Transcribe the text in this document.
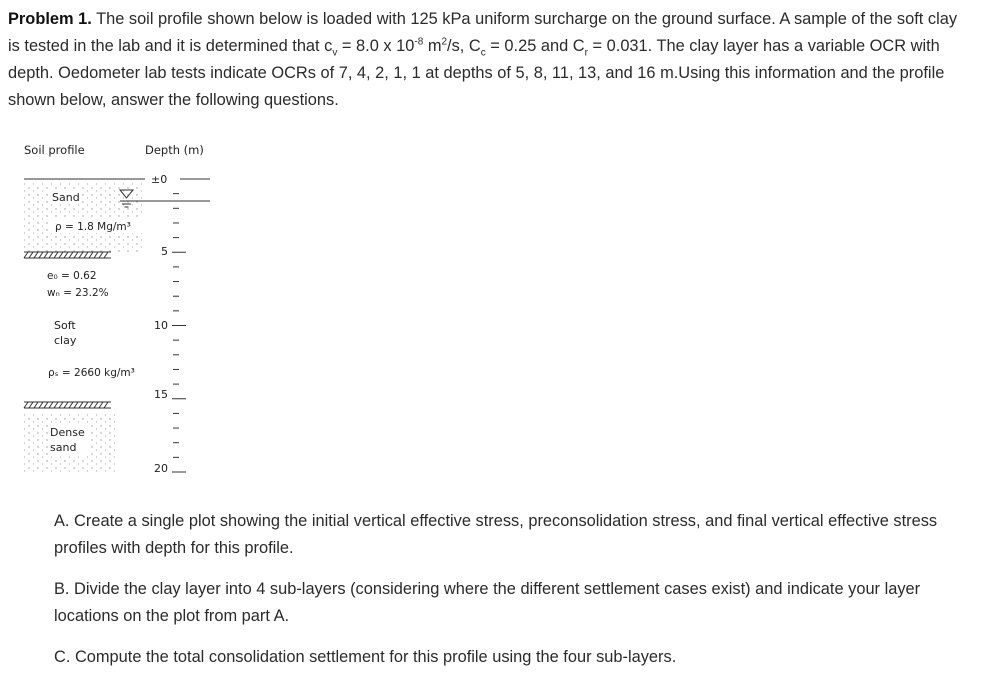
Problem 1. The soil profile shown below is loaded with 125 kPa uniform surcharge on the ground surface. A sample of the soft clay is tested in the lab and it is determined that $c_v = 8.0$ x $10^{-8}$ $m^2/s$, $C_c = 0.25$ and $C_r = 0.031$. The clay layer has a variable OCR with depth. Oedometer lab tests indicate OCRs of 7, 4, 2, 1, 1 at depths of 5, 8, 11, 13, and 16 m.Using this information and the profile shown below, answer the following questions.
Soil profile	Depth (m)
±0
Sand
ρ = 1.8 Mg/m³
e₀ = 0.62
wₙ = 23.2%
Soft
clay
ρₛ = 2660 kg/m³
Dense
sand
5
10
15
20

A. Create a single plot showing the initial vertical effective stress, preconsolidation stress, and final vertical effective stress profiles with depth for this profile.

B. Divide the clay layer into 4 sub-layers (considering where the different settlement cases exist) and indicate your layer locations on the plot from part A.

C. Compute the total consolidation settlement for this profile using the four sub-layers.
